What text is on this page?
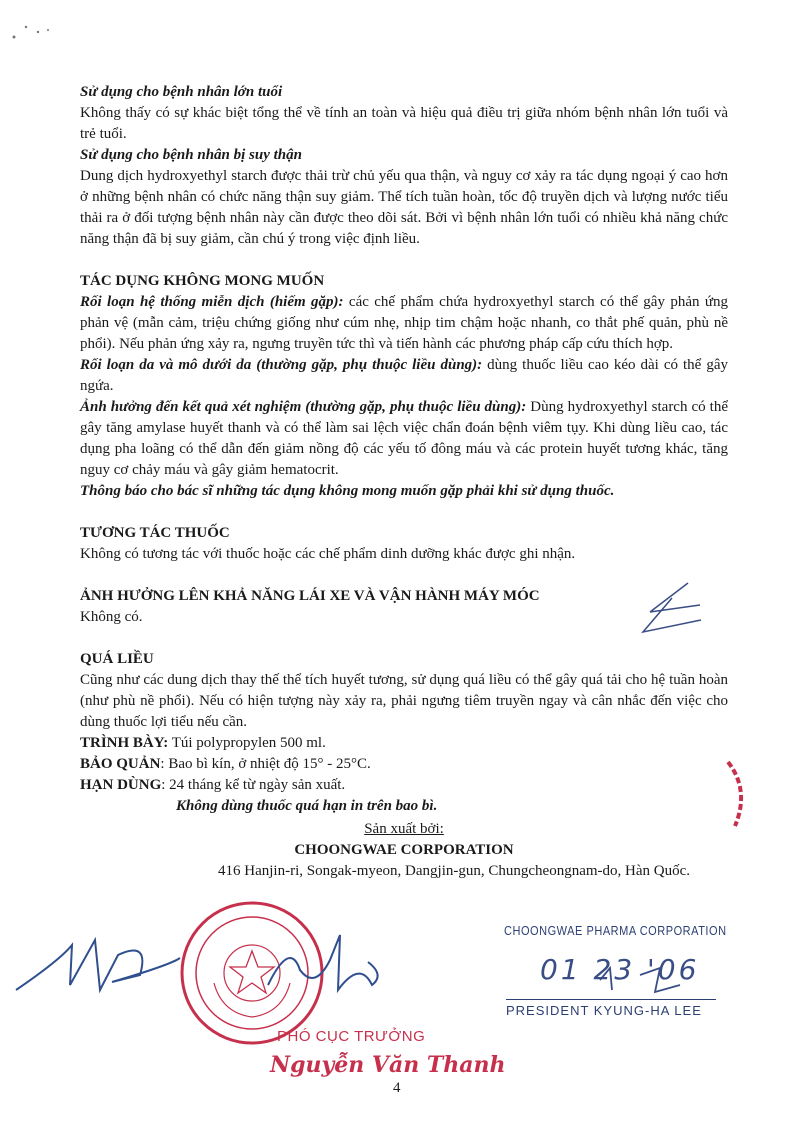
Sử dụng cho bệnh nhân lớn tuổi

Không thấy có sự khác biệt tổng thể về tính an toàn và hiệu quả điều trị giữa nhóm bệnh nhân lớn tuổi và trẻ tuổi.

Sử dụng cho bệnh nhân bị suy thận

Dung dịch hydroxyethyl starch được thải trừ chủ yếu qua thận, và nguy cơ xảy ra tác dụng ngoại ý cao hơn ở những bệnh nhân có chức năng thận suy giảm. Thể tích tuần hoàn, tốc độ truyền dịch và lượng nước tiểu thải ra ở đối tượng bệnh nhân này cần được theo dõi sát. Bởi vì bệnh nhân lớn tuổi có nhiều khả năng chức năng thận đã bị suy giảm, cần chú ý trong việc định liều.

TÁC DỤNG KHÔNG MONG MUỐN

Rối loạn hệ thống miễn dịch (hiếm gặp): các chế phẩm chứa hydroxyethyl starch có thể gây phản ứng phản vệ (mẫn cảm, triệu chứng giống như cúm nhẹ, nhịp tim chậm hoặc nhanh, co thắt phế quản, phù nề phổi). Nếu phản ứng xảy ra, ngưng truyền tức thì và tiến hành các phương pháp cấp cứu thích hợp.

Rối loạn da và mô dưới da (thường gặp, phụ thuộc liều dùng): dùng thuốc liều cao kéo dài có thể gây ngứa.

Ảnh hưởng đến kết quả xét nghiệm (thường gặp, phụ thuộc liều dùng): Dùng hydroxyethyl starch có thể gây tăng amylase huyết thanh và có thể làm sai lệch việc chẩn đoán bệnh viêm tụy. Khi dùng liều cao, tác dụng pha loãng có thể dẫn đến giảm nồng độ các yếu tố đông máu và các protein huyết tương khác, tăng nguy cơ chảy máu và gây giảm hematocrit.

Thông báo cho bác sĩ những tác dụng không mong muốn gặp phải khi sử dụng thuốc.

TƯƠNG TÁC THUỐC

Không có tương tác với thuốc hoặc các chế phẩm dinh dưỡng khác được ghi nhận.

ẢNH HƯỞNG LÊN KHẢ NĂNG LÁI XE VÀ VẬN HÀNH MÁY MÓC

Không có.

QUÁ LIỀU

Cũng như các dung dịch thay thế thể tích huyết tương, sử dụng quá liều có thể gây quá tải cho hệ tuần hoàn (như phù nề phổi). Nếu có hiện tượng này xảy ra, phải ngưng tiêm truyền ngay và cân nhắc đến việc cho dùng thuốc lợi tiểu nếu cần.

TRÌNH BÀY: Túi polypropylen 500 ml.

BẢO QUẢN: Bao bì kín, ở nhiệt độ 15° - 25°C.

HẠN DÙNG: 24 tháng kể từ ngày sản xuất.

Không dùng thuốc quá hạn in trên bao bì.

Sản xuất bởi:

CHOONGWAE CORPORATION

416 Hanjin-ri, Songak-myeon, Dangjin-gun, Chungcheongnam-do, Hàn Quốc.

CHOONGWAE PHARMA CORPORATION
01 23 '06
PRESIDENT KYUNG-HA LEE
PHÓ CỤC TRƯỞNG
Nguyễn Văn Thanh
4
